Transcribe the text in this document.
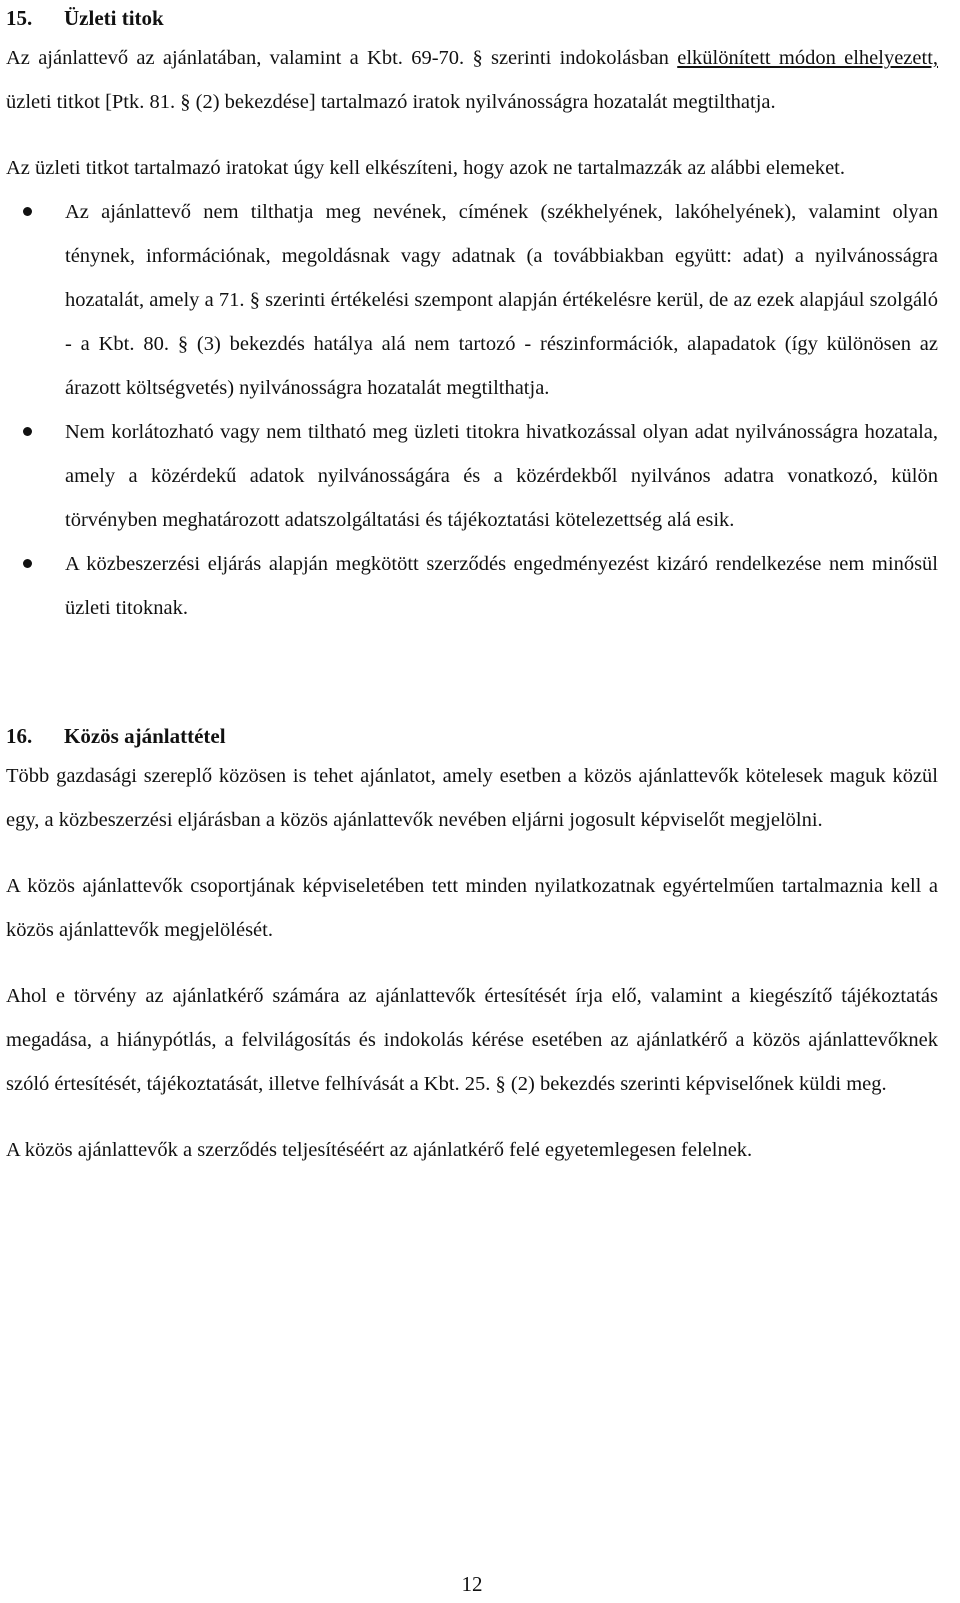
15. Üzleti titok

Az ajánlattevő az ajánlatában, valamint a Kbt. 69-70. § szerinti indokolásban elkülönített módon elhelyezett, üzleti titkot [Ptk. 81. § (2) bekezdése] tartalmazó iratok nyilvánosságra hozatalát megtilthatja.

Az üzleti titkot tartalmazó iratokat úgy kell elkészíteni, hogy azok ne tartalmazzák az alábbi elemeket.

Az ajánlattevő nem tilthatja meg nevének, címének (székhelyének, lakóhelyének), valamint olyan ténynek, információnak, megoldásnak vagy adatnak (a továbbiakban együtt: adat) a nyilvánosságra hozatalát, amely a 71. § szerinti értékelési szempont alapján értékelésre kerül, de az ezek alapjául szolgáló - a Kbt. 80. § (3) bekezdés hatálya alá nem tartozó - részinformációk, alapadatok (így különösen az árazott költségvetés) nyilvánosságra hozatalát megtilthatja.
Nem korlátozható vagy nem tiltható meg üzleti titokra hivatkozással olyan adat nyilvánosságra hozatala, amely a közérdekű adatok nyilvánosságára és a közérdekből nyilvános adatra vonatkozó, külön törvényben meghatározott adatszolgáltatási és tájékoztatási kötelezettség alá esik.
A közbeszerzési eljárás alapján megkötött szerződés engedményezést kizáró rendelkezése nem minősül üzleti titoknak.
16. Közös ajánlattétel

Több gazdasági szereplő közösen is tehet ajánlatot, amely esetben a közös ajánlattevők kötelesek maguk közül egy, a közbeszerzési eljárásban a közös ajánlattevők nevében eljárni jogosult képviselőt megjelölni.

A közös ajánlattevők csoportjának képviseletében tett minden nyilatkozatnak egyértelműen tartalmaznia kell a közös ajánlattevők megjelölését.

Ahol e törvény az ajánlatkérő számára az ajánlattevők értesítését írja elő, valamint a kiegészítő tájékoztatás megadása, a hiánypótlás, a felvilágosítás és indokolás kérése esetében az ajánlatkérő a közös ajánlattevőknek szóló értesítését, tájékoztatását, illetve felhívását a Kbt. 25. § (2) bekezdés szerinti képviselőnek küldi meg.

A közös ajánlattevők a szerződés teljesítéséért az ajánlatkérő felé egyetemlegesen felelnek.

12
